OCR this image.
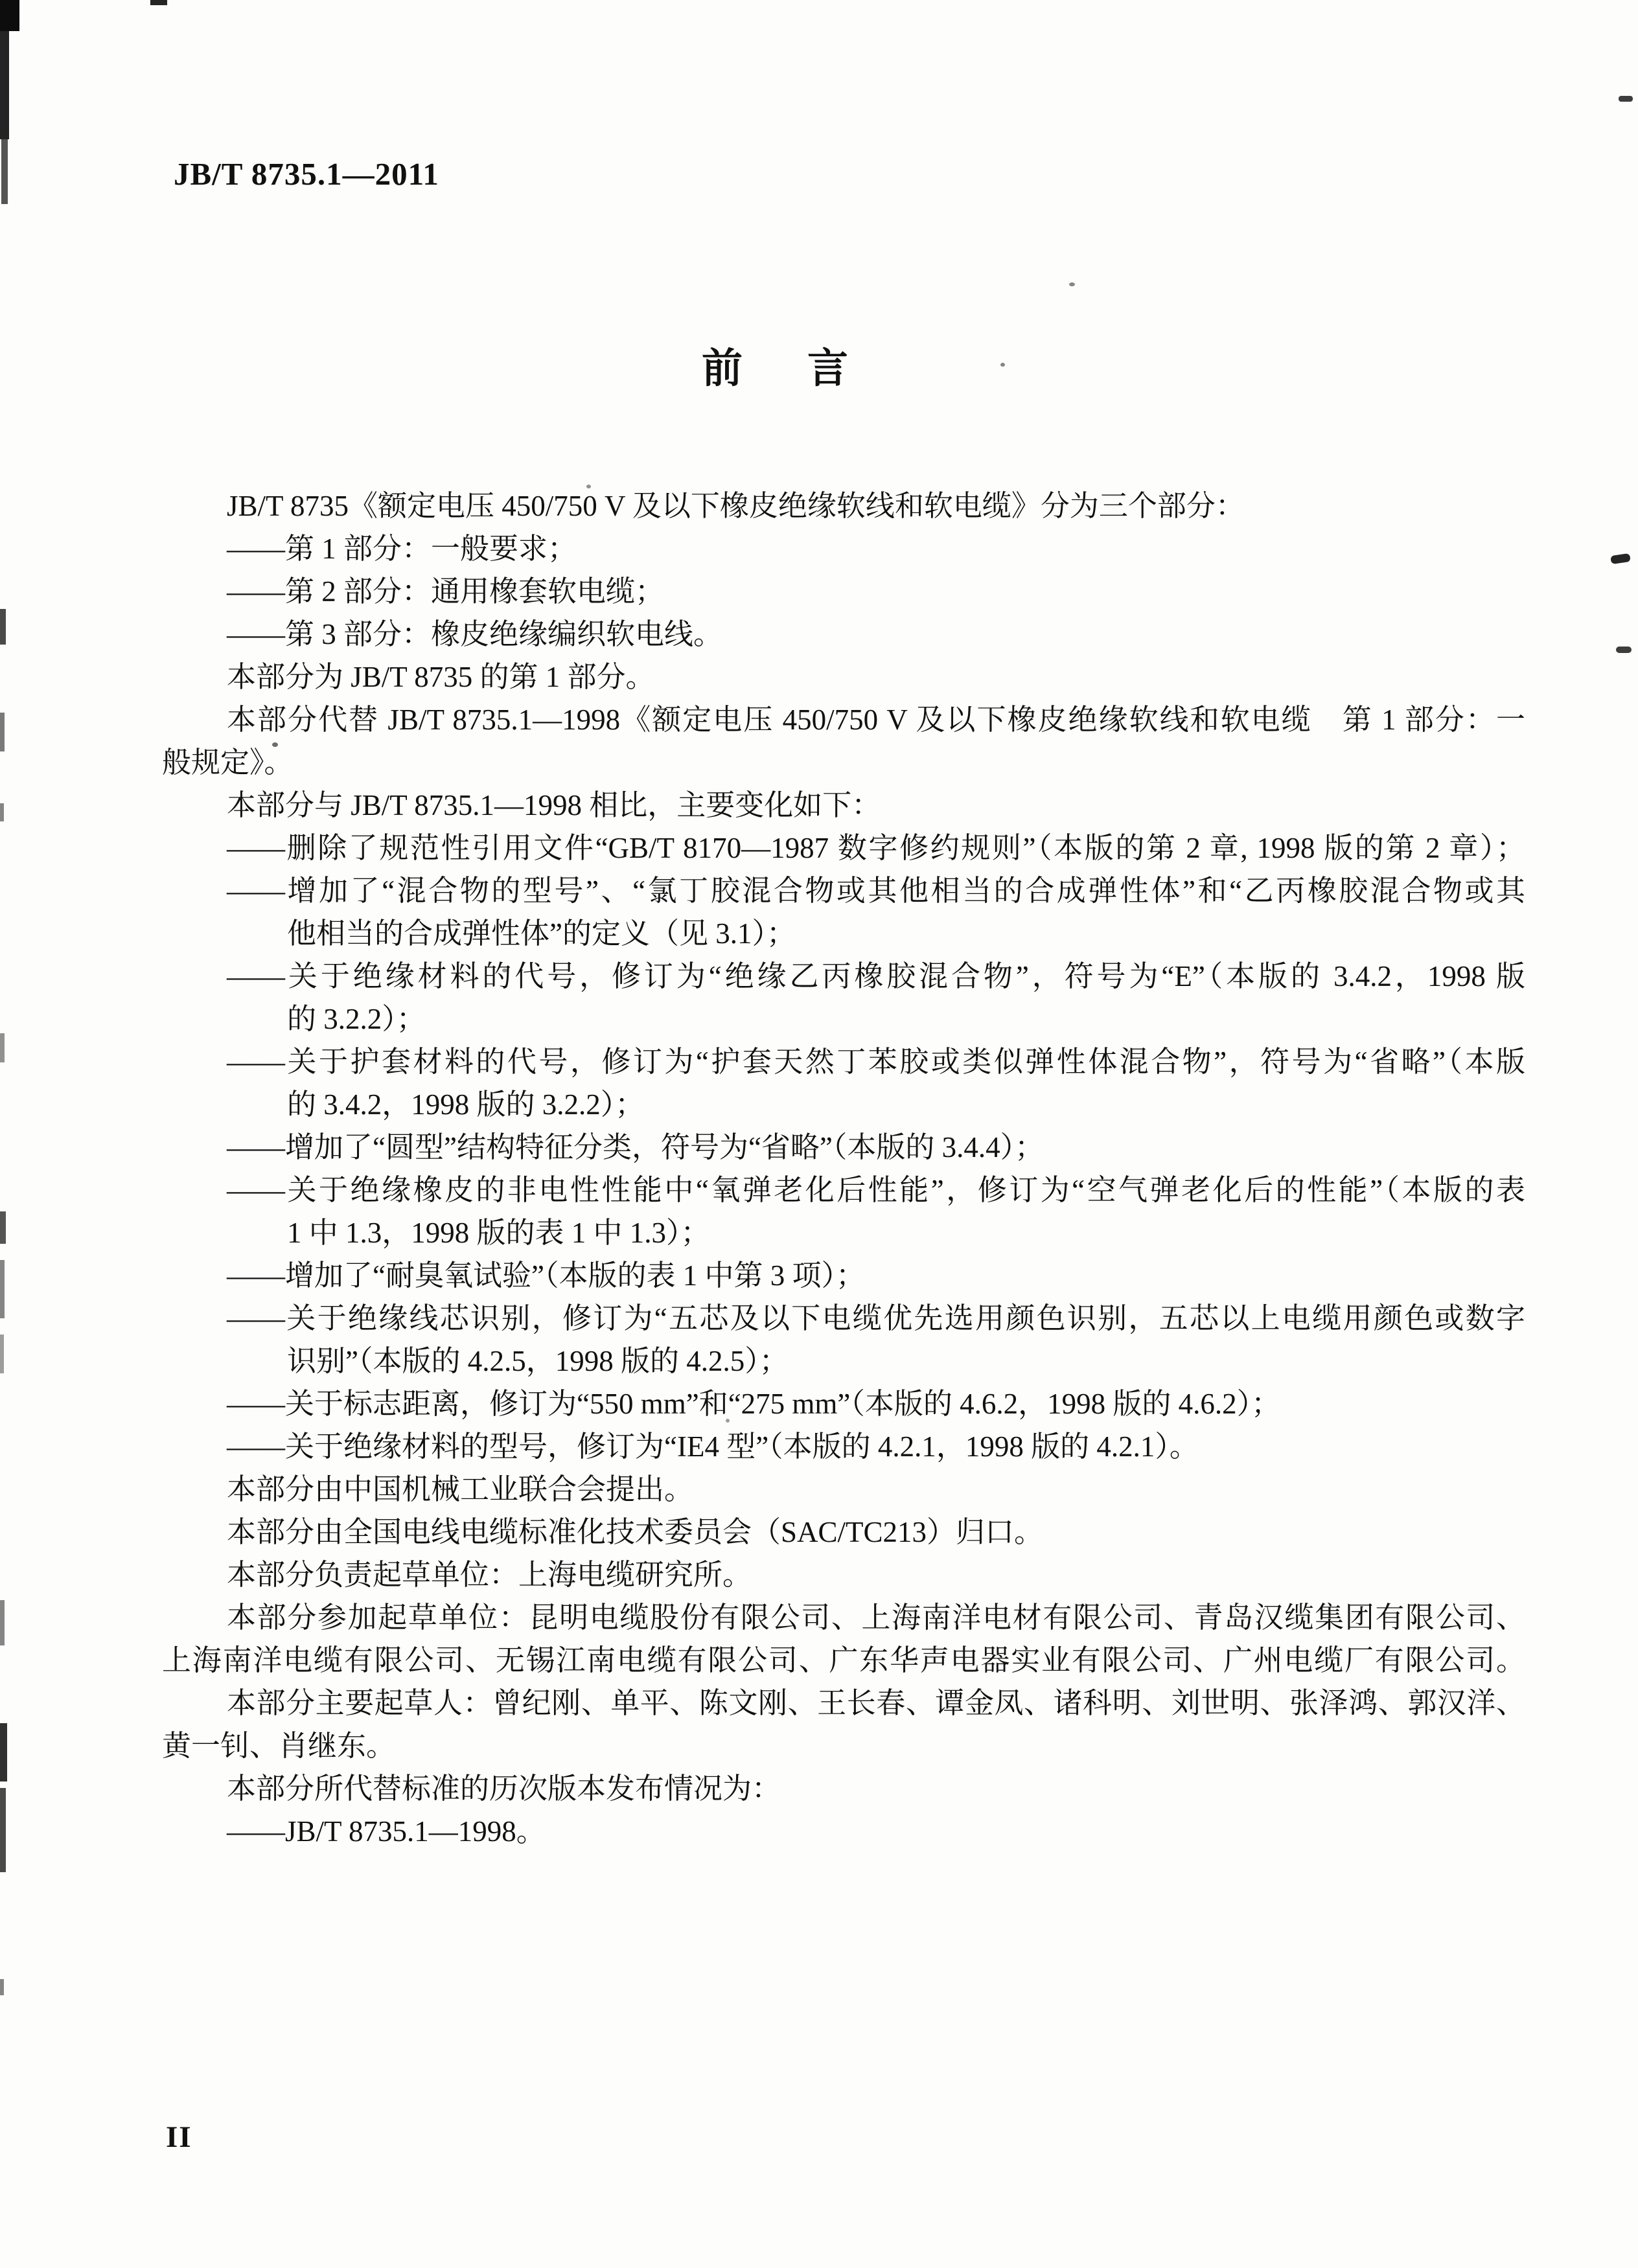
JB/T 8735.1—2011
前 言
JB/T 8735《额定电压 450/750 V 及以下橡皮绝缘软线和软电缆》分为三个部分：
——第 1 部分：一般要求；
——第 2 部分：通用橡套软电缆；
——第 3 部分：橡皮绝缘编织软电线。
本部分为 JB/T 8735 的第 1 部分。
本部分代替 JB/T 8735.1—1998《额定电压 450/750 V 及以下橡皮绝缘软线和软电缆　第 1 部分：一
般规定》。
本部分与 JB/T 8735.1—1998 相比，主要变化如下：
——删除了规范性引用文件“GB/T 8170—1987 数字修约规则”（本版的第 2 章, 1998 版的第 2 章）；
——增加了“混合物的型号”、“氯丁胶混合物或其他相当的合成弹性体”和“乙丙橡胶混合物或其
他相当的合成弹性体”的定义（见 3.1）；
——关于绝缘材料的代号，修订为“绝缘乙丙橡胶混合物”，符号为“E”（本版的 3.4.2，1998 版
的 3.2.2）；
——关于护套材料的代号，修订为“护套天然丁苯胶或类似弹性体混合物”，符号为“省略”（本版
的 3.4.2，1998 版的 3.2.2）；
——增加了“圆型”结构特征分类，符号为“省略”（本版的 3.4.4）；
——关于绝缘橡皮的非电性性能中“氧弹老化后性能”，修订为“空气弹老化后的性能”（本版的表
1 中 1.3，1998 版的表 1 中 1.3）；
——增加了“耐臭氧试验”（本版的表 1 中第 3 项）；
——关于绝缘线芯识别，修订为“五芯及以下电缆优先选用颜色识别，五芯以上电缆用颜色或数字
识别”（本版的 4.2.5，1998 版的 4.2.5）；
——关于标志距离，修订为“550 mm”和“275 mm”（本版的 4.6.2，1998 版的 4.6.2）；
——关于绝缘材料的型号，修订为“IE4 型”（本版的 4.2.1，1998 版的 4.2.1）。
本部分由中国机械工业联合会提出。
本部分由全国电线电缆标准化技术委员会（SAC/TC213）归口。
本部分负责起草单位：上海电缆研究所。
本部分参加起草单位：昆明电缆股份有限公司、上海南洋电材有限公司、青岛汉缆集团有限公司、
上海南洋电缆有限公司、无锡江南电缆有限公司、广东华声电器实业有限公司、广州电缆厂有限公司。
本部分主要起草人：曾纪刚、单平、陈文刚、王长春、谭金凤、诸科明、刘世明、张泽鸿、郭汉洋、
黄一钊、肖继东。
本部分所代替标准的历次版本发布情况为：
——JB/T 8735.1—1998。
II
